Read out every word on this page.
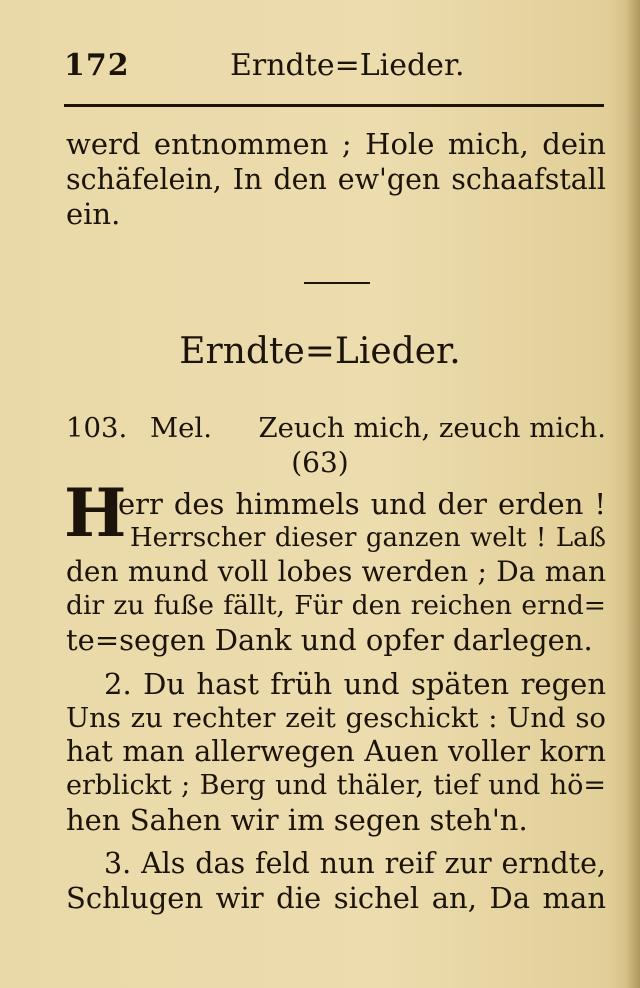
172	Erndte=Lieder.
werd entnommen ; Hole mich, dein
schäfelein, In den ew'gen schaafstall
ein.
Erndte=Lieder.
103. Mel. Zeuch mich, zeuch mich.
(63)
H
err des himmels und der erden !
Herrscher dieser ganzen welt ! Laß
den mund voll lobes werden ; Da man
dir zu fuße fällt, Für den reichen ernd=
te=segen Dank und opfer darlegen.
2. Du hast früh und späten regen
Uns zu rechter zeit geschickt : Und so
hat man allerwegen Auen voller korn
erblickt ; Berg und thäler, tief und hö=
hen Sahen wir im segen steh'n.
3. Als das feld nun reif zur erndte,
Schlugen wir die sichel an, Da man
